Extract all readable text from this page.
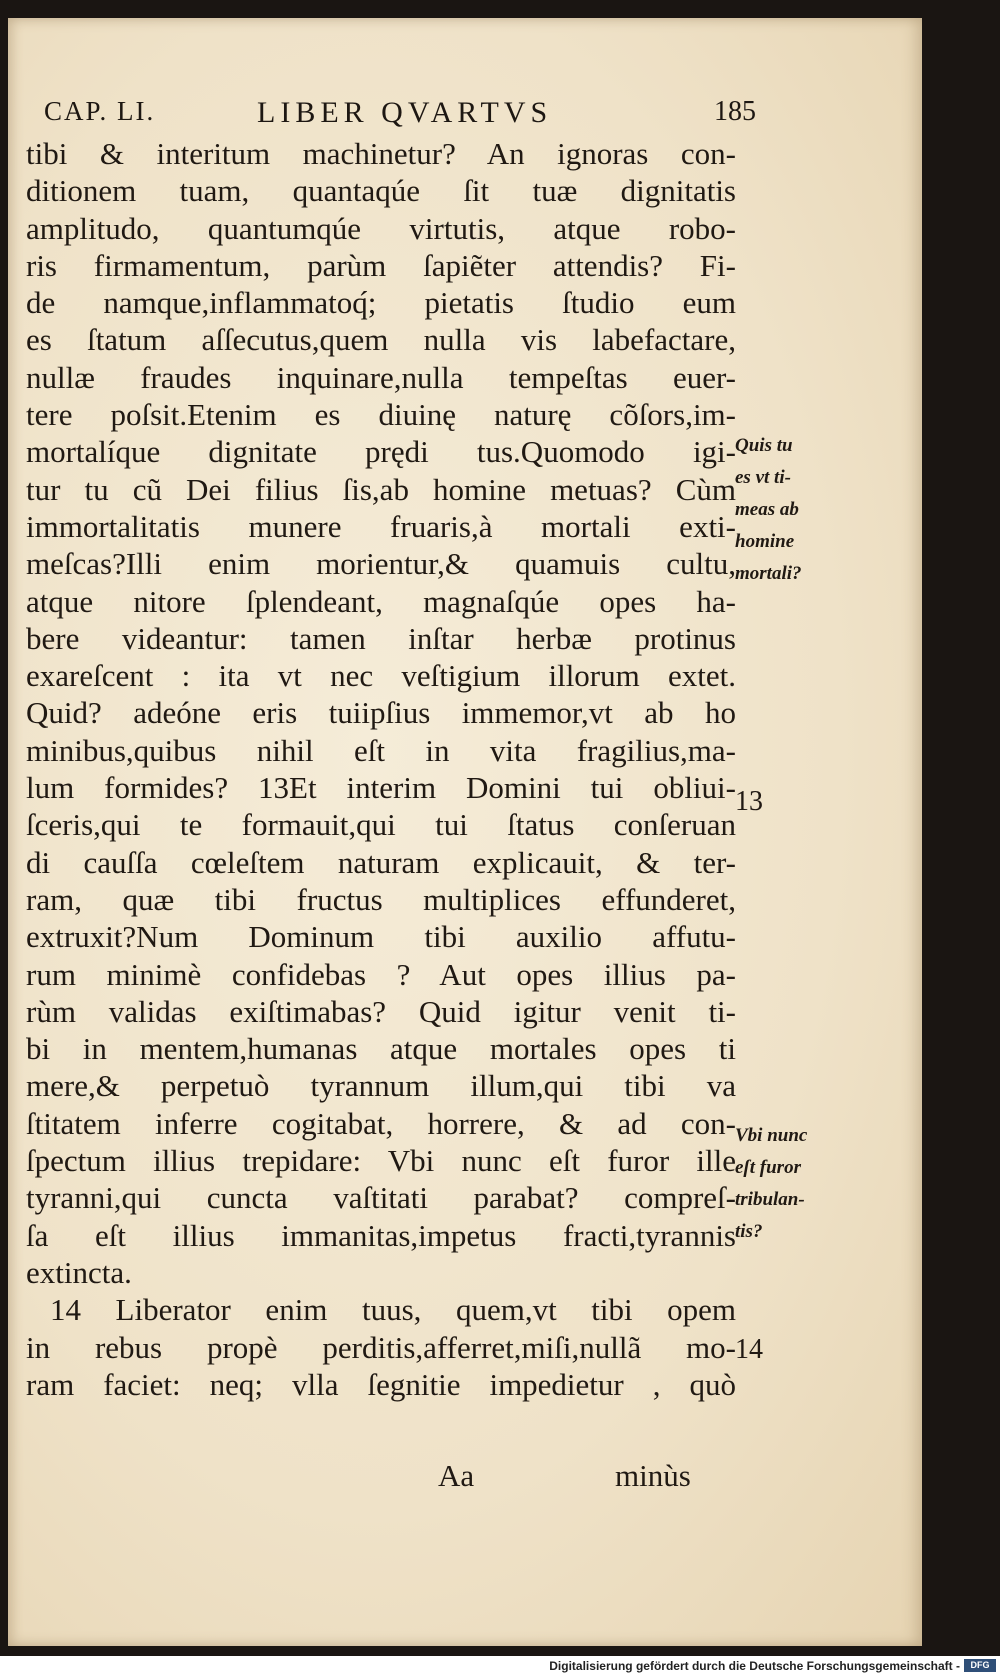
CAP. LI.	LIBER QVARTVS	185
tibi & interitum machinetur? An ignoras con-
ditionem tuam, quantaqúe ſit tuæ dignitatis
amplitudo, quantumqúe virtutis, atque robo-
ris firmamentum, parùm ſapiẽter attendis? Fi-
de namque,inflammatoq́; pietatis ſtudio eum
es ſtatum aſſecutus,quem nulla vis labefactare,
nullæ fraudes inquinare,nulla tempeſtas euer-
tere poſsit.Etenim es diuinę naturę cõſors,im-
mortalíque dignitate prędi tus.Quomodo igi-
tur tu cũ Dei filius ſis,ab homine metuas? Cùm
immortalitatis munere fruaris,à mortali exti-
meſcas?Illi enim morientur,& quamuis cultu,
atque nitore ſplendeant, magnaſqúe opes ha-
bere videantur: tamen inſtar herbæ protinus
exareſcent : ita vt nec veſtigium illorum extet.
Quid? adeóne eris tuiipſius immemor,vt ab ho
minibus,quibus nihil eſt in vita fragilius,ma-
lum formides? 13Et interim Domini tui obliui-
ſceris,qui te formauit,qui tui ſtatus conſeruan
di cauſſa cœleſtem naturam explicauit, & ter-
ram, quæ tibi fructus multiplices effunderet,
extruxit?Num Dominum tibi auxilio affutu-
rum minimè confidebas ? Aut opes illius pa-
rùm validas exiſtimabas? Quid igitur venit ti-
bi in mentem,humanas atque mortales opes ti
mere,& perpetuò tyrannum illum,qui tibi va
ſtitatem inferre cogitabat, horrere, & ad con-
ſpectum illius trepidare: Vbi nunc eſt furor ille
tyranni,qui cuncta vaſtitati parabat? compreſ-
ſa eſt illius immanitas,impetus fracti,tyrannis
extincta.
14 Liberator enim tuus, quem,vt tibi opem
in rebus propè perditis,afferret,miſi,nullã mo-
ram faciet: neq; vlla ſegnitie impedietur , quò
Quis tu
es vt ti-
meas ab
homine
mortali?
13
Vbi nunc
eſt furor
tribulan-
tis?
14
Aa	minùs
Digitalisierung gefördert durch die Deutsche Forschungsgemeinschaft -	DFG
